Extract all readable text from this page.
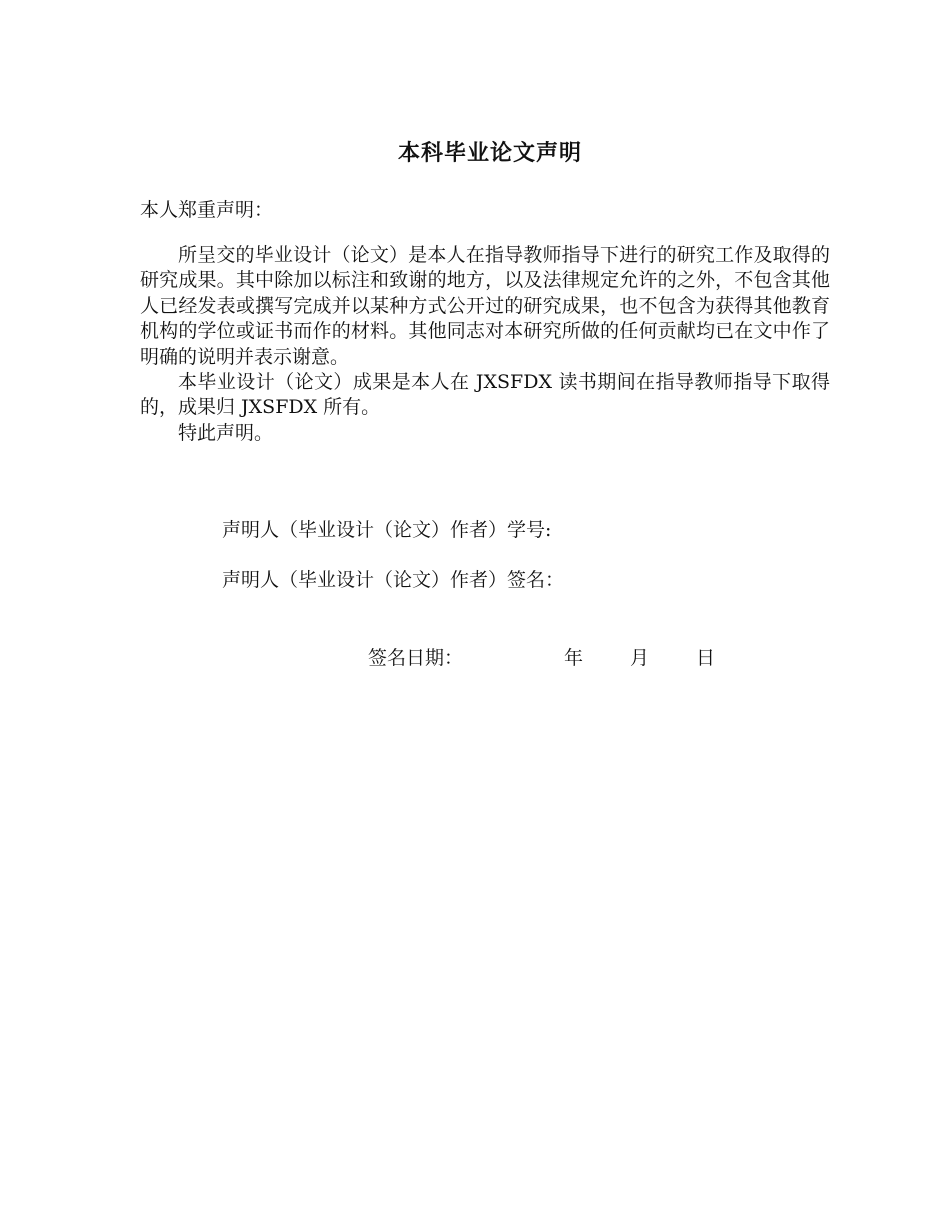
本科毕业论文声明
本人郑重声明：

所呈交的毕业设计（论文）是本人在指导教师指导下进行的研究工作及取得的研究成果。其中除加以标注和致谢的地方，以及法律规定允许的之外，不包含其他人已经发表或撰写完成并以某种方式公开过的研究成果，也不包含为获得其他教育机构的学位或证书而作的材料。其他同志对本研究所做的任何贡献均已在文中作了明确的说明并表示谢意。

本毕业设计（论文）成果是本人在 JXSFDX 读书期间在指导教师指导下取得的，成果归 JXSFDX 所有。

特此声明。

声明人（毕业设计（论文）作者）学号:
声明人（毕业设计（论文）作者）签名：
签名日期：	年 月 日
